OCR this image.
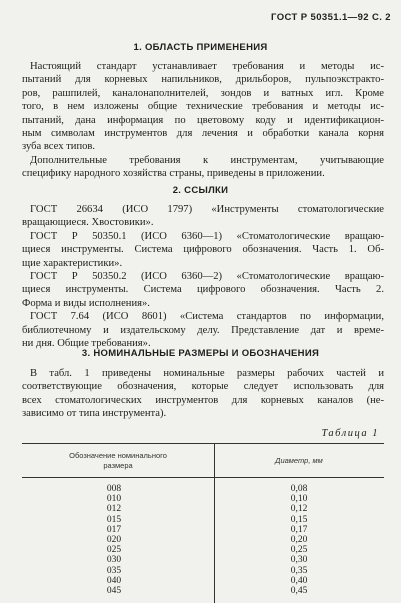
ГОСТ Р 50351.1—92 С. 2
1. ОБЛАСТЬ ПРИМЕНЕНИЯ
Настоящий стандарт устанавливает требования и методы ис-
пытаний для корневых напильников, дрильборов, пульпоэкстракто-
ров, рашпилей, каналонаполнителей, зондов и ватных игл. Кроме
того, в нем изложены общие технические требования и методы ис-
пытаний, дана информация по цветовому коду и идентификацион-
ным символам инструментов для лечения и обработки канала корня
зуба всех типов.
Дополнительные требования к инструментам, учитывающие
специфику народного хозяйства страны, приведены в приложении.
2. ССЫЛКИ
ГОСТ 26634 (ИСО 1797) «Инструменты стоматологические
вращающиеся. Хвостовики».
ГОСТ Р 50350.1 (ИСО 6360—1) «Стоматологические вращаю-
щиеся инструменты. Система цифрового обозначения. Часть 1. Об-
щие характеристики».
ГОСТ Р 50350.2 (ИСО 6360—2) «Стоматологические вращаю-
щиеся инструменты. Система цифрового обозначения. Часть 2.
Форма и виды исполнения».
ГОСТ 7.64 (ИСО 8601) «Система стандартов по информации,
библиотечному и издательскому делу. Представление дат и време-
ни дня. Общие требования».
3. НОМИНАЛЬНЫЕ РАЗМЕРЫ И ОБОЗНАЧЕНИЯ
В табл. 1 приведены номинальные размеры рабочих частей и
соответствующие обозначения, которые следует использовать для
всех стоматологических инструментов для корневых каналов (не-
зависимо от типа инструмента).
Таблица 1
Обозначение номинального
размера	Диаметр, мм
008
010
012
015
017
020
025
030
035
040
045
0,08
0,10
0,12
0,15
0,17
0,20
0,25
0,30
0,35
0,40
0,45
